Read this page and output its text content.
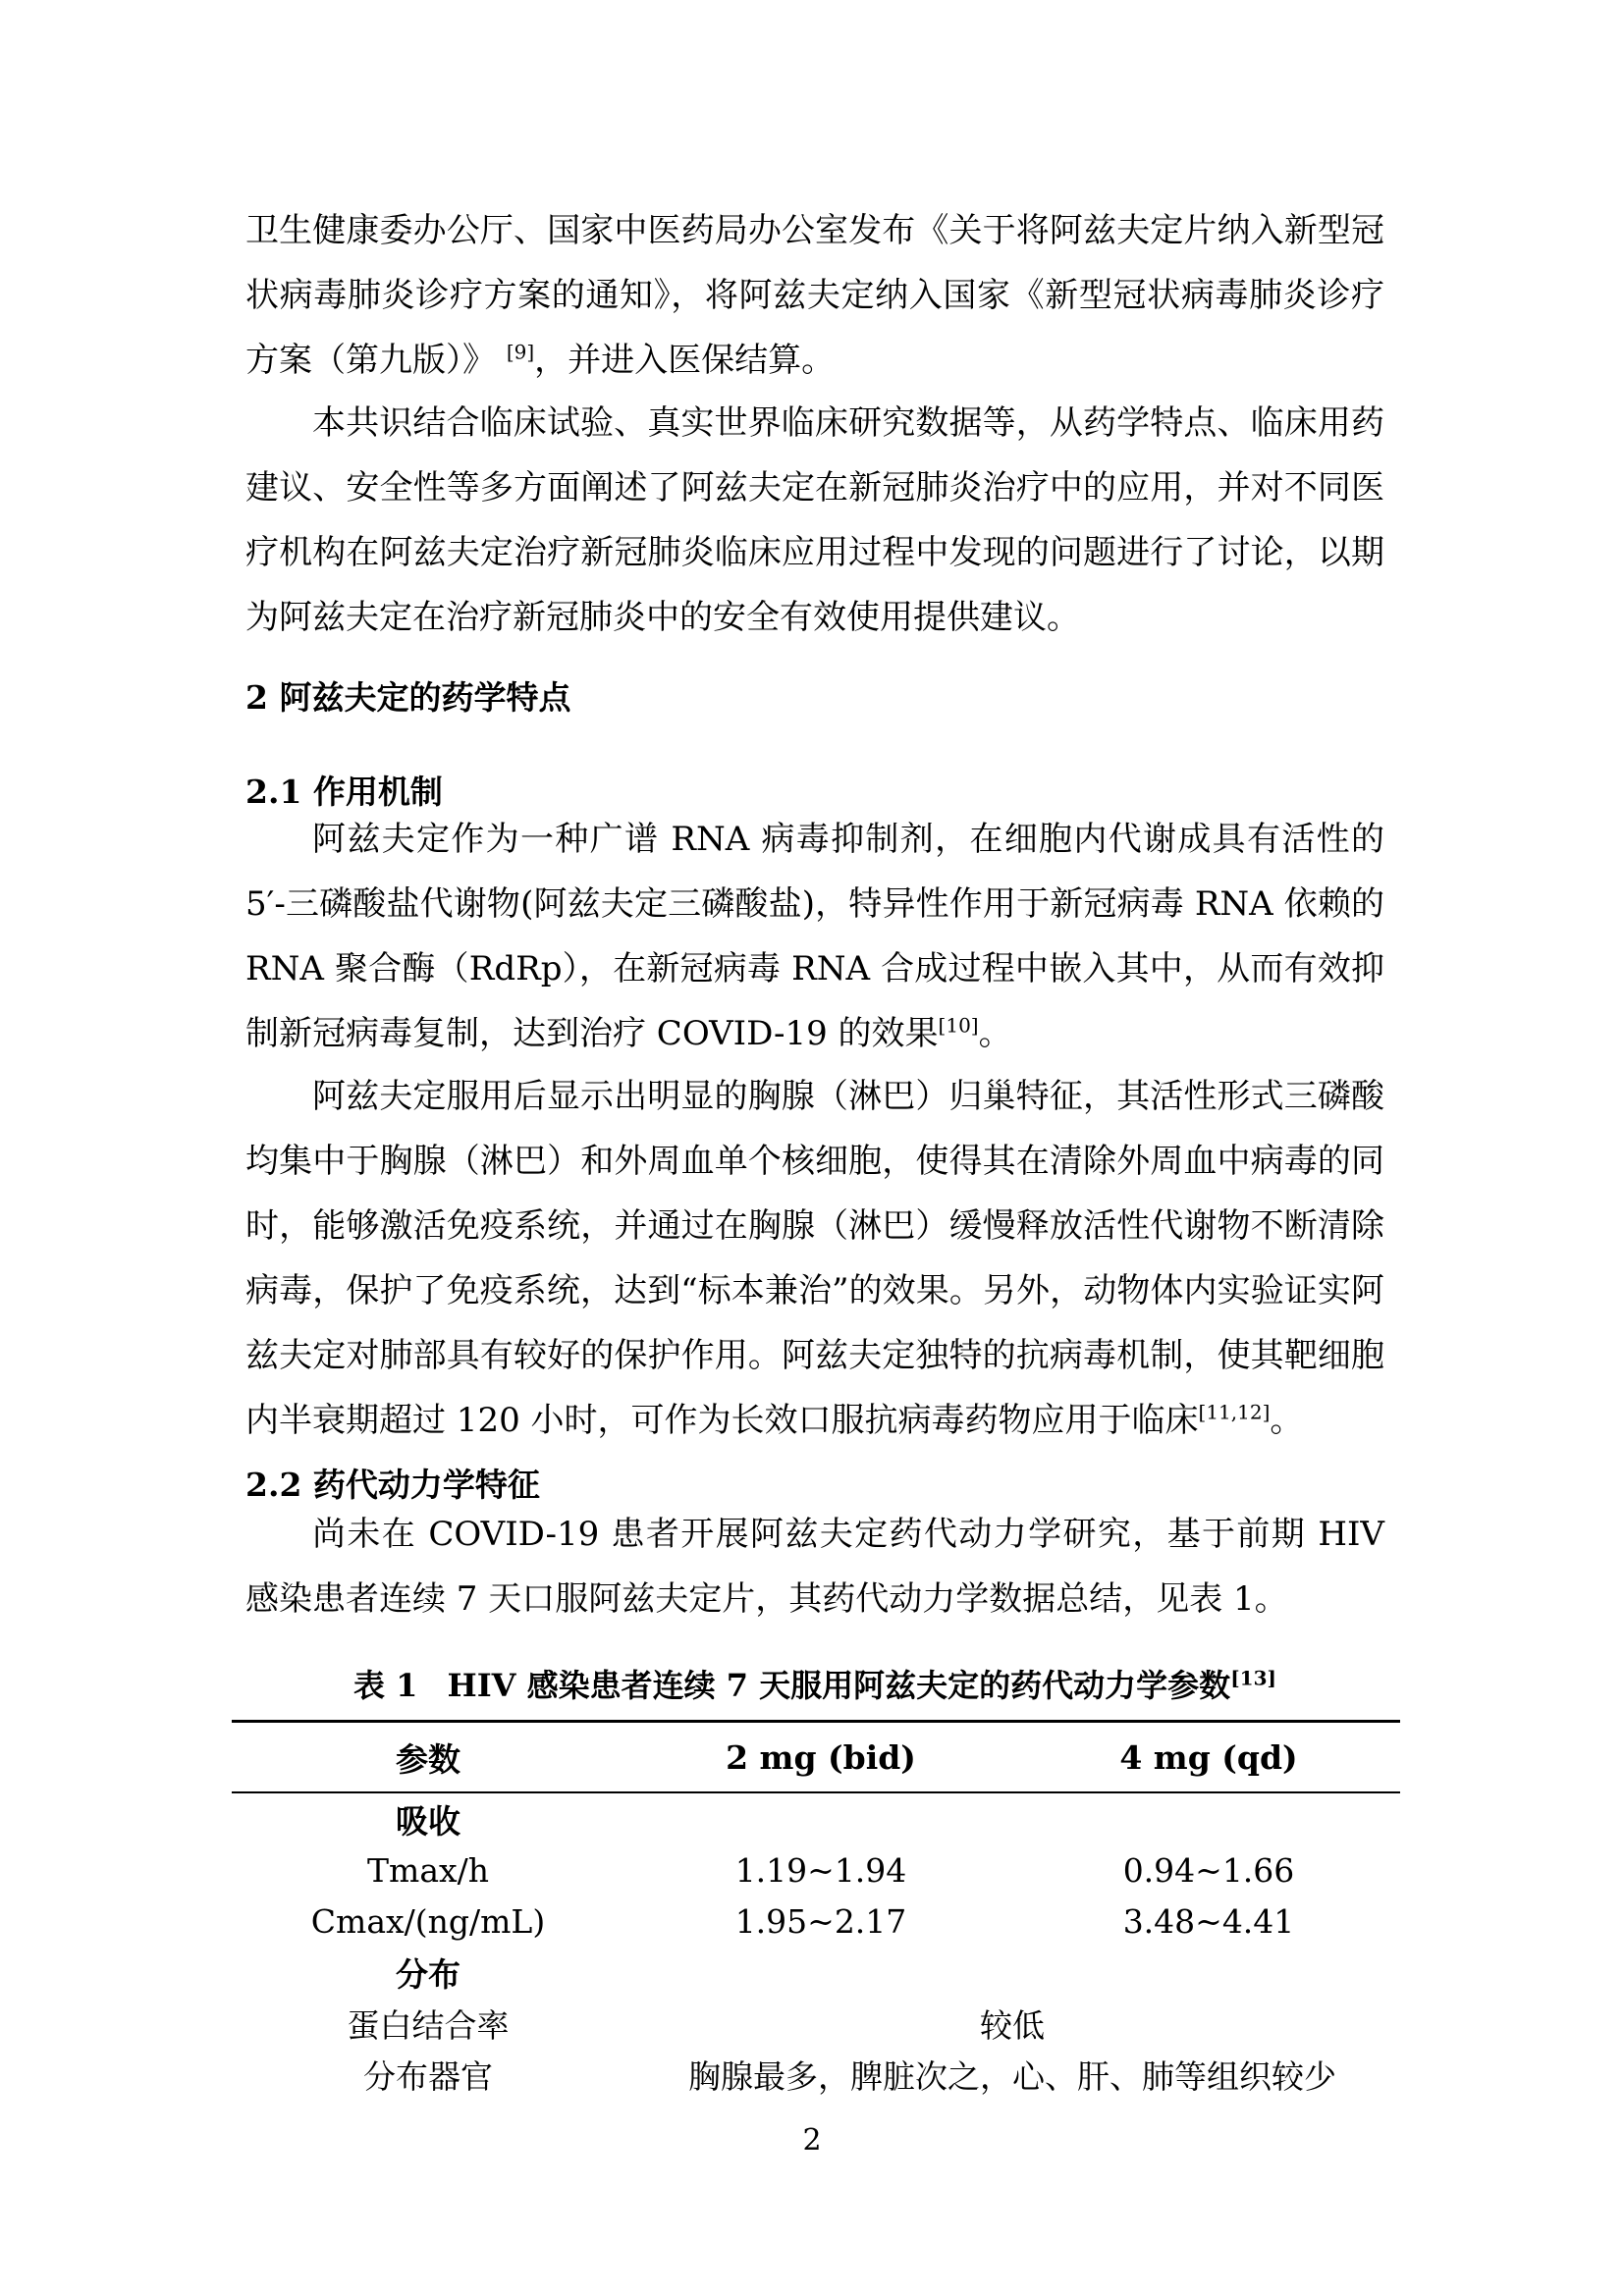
卫生健康委办公厅、国家中医药局办公室发布《关于将阿兹夫定片纳入新型冠状病毒肺炎诊疗方案的通知》，将阿兹夫定纳入国家《新型冠状病毒肺炎诊疗方案（第九版）》 [9]，并进入医保结算。

本共识结合临床试验、真实世界临床研究数据等，从药学特点、临床用药建议、安全性等多方面阐述了阿兹夫定在新冠肺炎治疗中的应用，并对不同医疗机构在阿兹夫定治疗新冠肺炎临床应用过程中发现的问题进行了讨论，以期为阿兹夫定在治疗新冠肺炎中的安全有效使用提供建议。

2 阿兹夫定的药学特点
2.1 作用机制

阿兹夫定作为一种广谱 RNA 病毒抑制剂，在细胞内代谢成具有活性的 5′-三磷酸盐代谢物(阿兹夫定三磷酸盐)，特异性作用于新冠病毒 RNA 依赖的 RNA 聚合酶（RdRp），在新冠病毒 RNA 合成过程中嵌入其中，从而有效抑制新冠病毒复制，达到治疗 COVID-19 的效果[10]。

阿兹夫定服用后显示出明显的胸腺（淋巴）归巢特征，其活性形式三磷酸均集中于胸腺（淋巴）和外周血单个核细胞，使得其在清除外周血中病毒的同时，能够激活免疫系统，并通过在胸腺（淋巴）缓慢释放活性代谢物不断清除病毒，保护了免疫系统，达到“标本兼治”的效果。另外，动物体内实验证实阿兹夫定对肺部具有较好的保护作用。阿兹夫定独特的抗病毒机制，使其靶细胞内半衰期超过 120 小时，可作为长效口服抗病毒药物应用于临床[11,12]。

2.2 药代动力学特征

尚未在 COVID-19 患者开展阿兹夫定药代动力学研究，基于前期 HIV 感染患者连续 7 天口服阿兹夫定片，其药代动力学数据总结，见表 1。

表 1 HIV 感染患者连续 7 天服用阿兹夫定的药代动力学参数[13]

参数	2 mg (bid)	4 mg (qd)
吸收
Tmax/h	1.19~1.94	0.94~1.66
Cmax/(ng/mL)	1.95~2.17	3.48~4.41
分布
蛋白结合率	较低
分布器官	胸腺最多，脾脏次之，心、肝、肺等组织较少
2
